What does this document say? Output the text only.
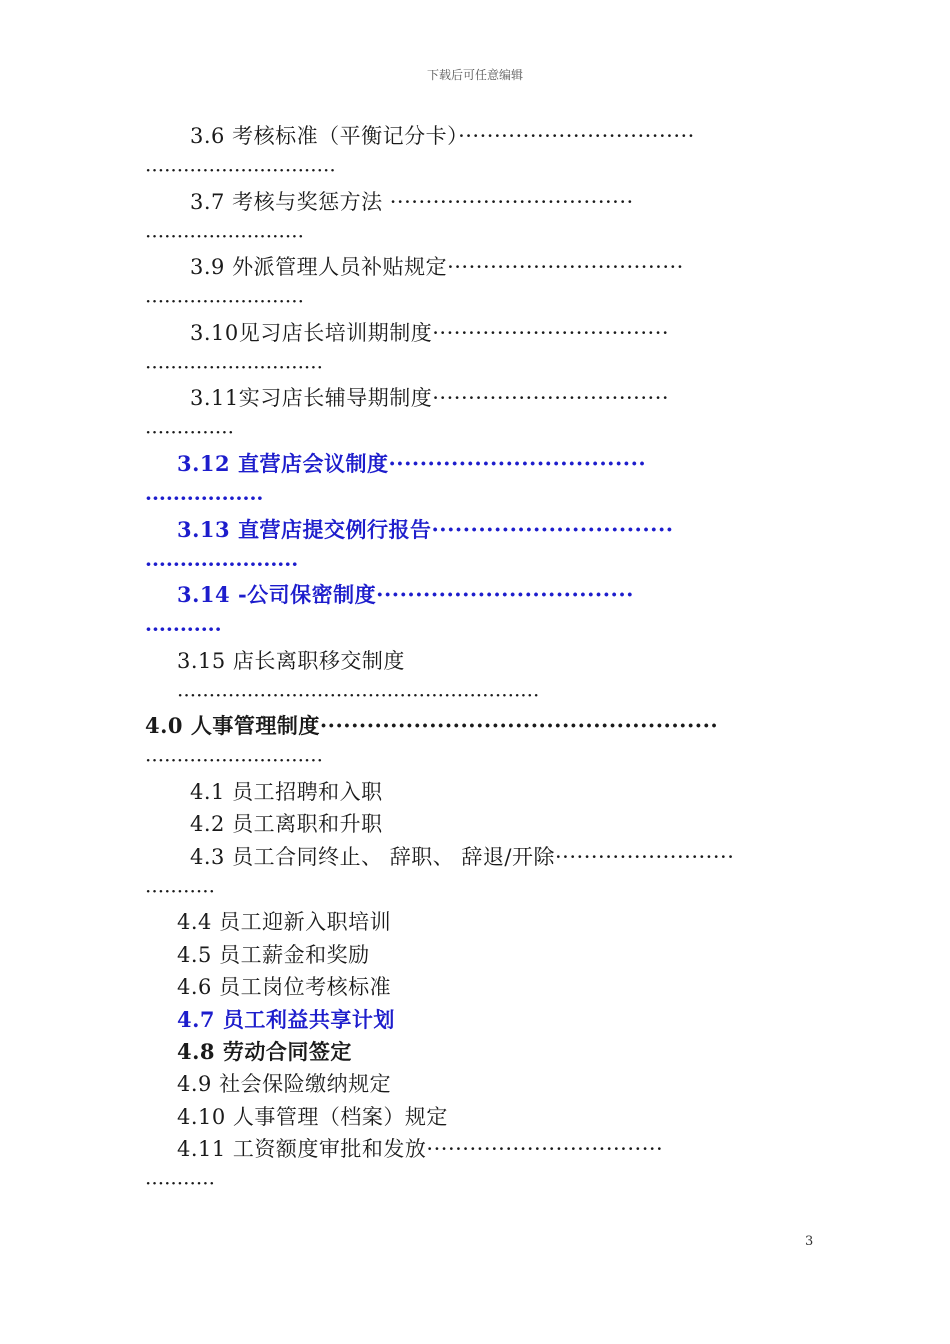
下载后可任意编辑
3.6 考核标准（平衡记分卡）·································
······························
3.7 考核与奖惩方法 ··································
·························
3.9 外派管理人员补贴规定·································
·························
3.10见习店长培训期制度·································
····························
3.11实习店长辅导期制度·································
··············
3.12 直营店会议制度·································
·················
3.13 直营店提交例行报告·······························
······················
3.14 -公司保密制度·································
···········
3.15 店长离职移交制度
·························································
4.0 人事管理制度···················································
····························
4.1 员工招聘和入职
4.2 员工离职和升职
4.3 员工合同终止、 辞职、 辞退/开除·························
···········
4.4 员工迎新入职培训
4.5 员工薪金和奖励
4.6 员工岗位考核标准
4.7 员工利益共享计划
4.8 劳动合同签定
4.9 社会保险缴纳规定
4.10 人事管理（档案）规定
4.11 工资额度审批和发放·································
···········
3
